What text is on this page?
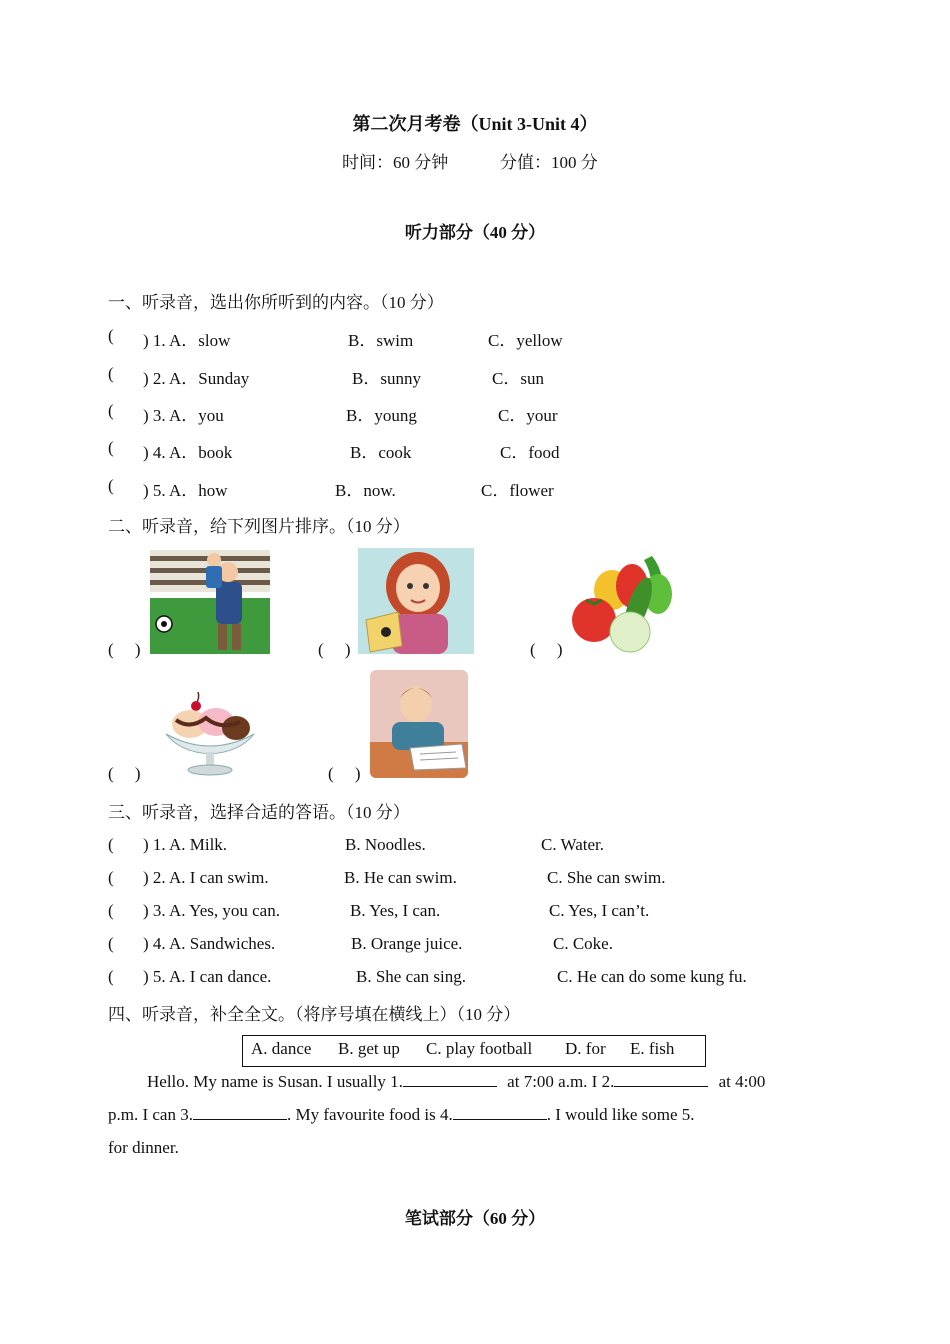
第二次月考卷（Unit 3-Unit 4）
时间：60 分钟	分值：100 分
听力部分（40 分）
一、听录音，选出你所听到的内容。（10 分）
( ) 1. A．slow	B．swim	C．yellow
( ) 2. A．Sunday	B．sunny	C．sun
( ) 3. A．you	B．young	C．your
( ) 4. A．book	B．cook	C．food
( ) 5. A．how	B．now.	C．flower
二、听录音，给下列图片排序。（10 分）
( )	( )	( )
( )	( )
三、听录音，选择合适的答语。（10 分）
( ) 1. A. Milk.	B. Noodles.	C. Water.
( ) 2. A. I can swim.	B. He can swim.	C. She can swim.
( ) 3. A. Yes, you can.	B. Yes, I can.	C. Yes, I can’t.
( ) 4. A. Sandwiches.	B. Orange juice.	C. Coke.
( ) 5. A. I can dance.	B. She can sing.	C. He can do some kung fu.
四、听录音，补全全文。（将序号填在横线上）（10 分）
A. dance B. get up C. play football D. for E. fish
Hello. My name is Susan. I usually 1.	at 7:00 a.m. I 2.	at 4:00
p.m. I can 3.	. My favourite food is 4.	. I would like some 5.
for dinner.
笔试部分（60 分）
